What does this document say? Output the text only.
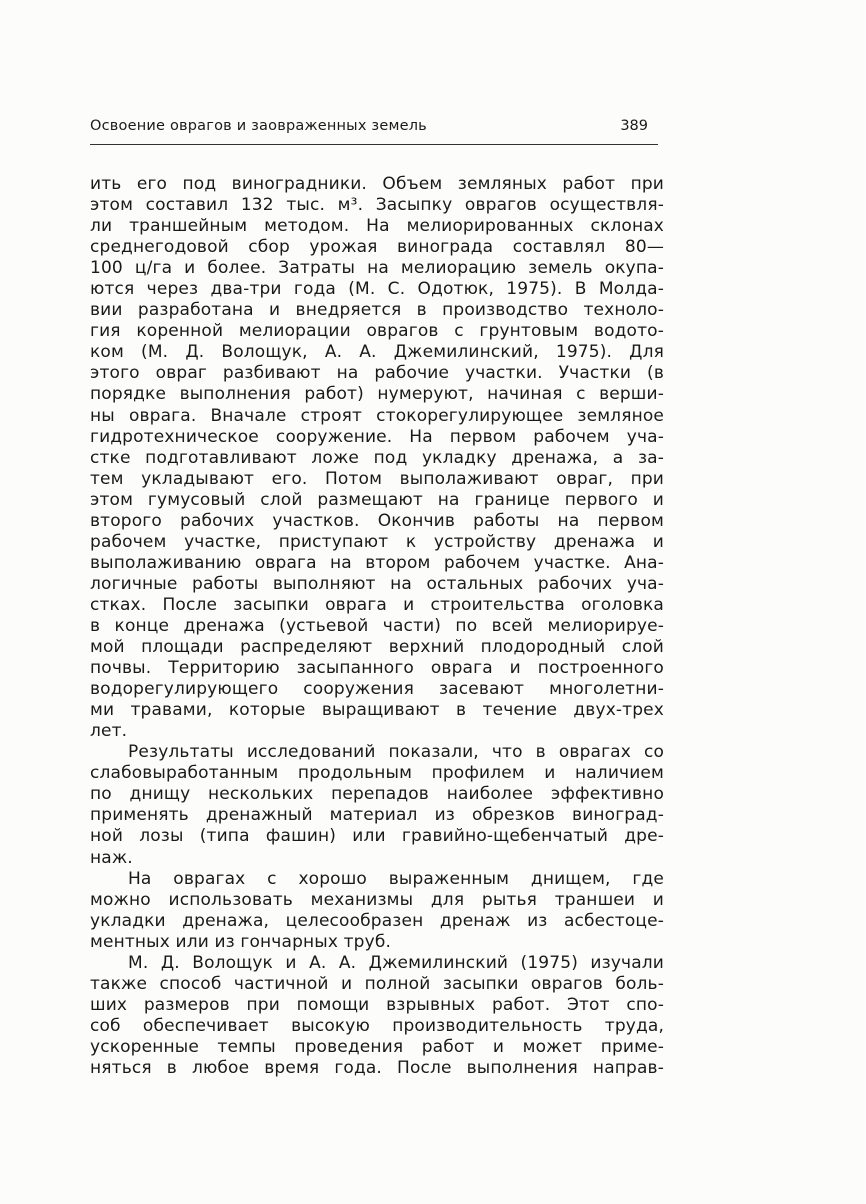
Освоение оврагов и заовраженных земель	389
ить его под виноградники. Объем земляных работ при
этом составил 132 тыс. м³. Засыпку оврагов осуществля-
ли траншейным методом. На мелиорированных склонах
среднегодовой сбор урожая винограда составлял 80—
100 ц/га и более. Затраты на мелиорацию земель окупа-
ются через два-три года (М. С. Одотюк, 1975). В Молда-
вии разработана и внедряется в производство техноло-
гия коренной мелиорации оврагов с грунтовым водото-
ком (М. Д. Волощук, А. А. Джемилинский, 1975). Для
этого овраг разбивают на рабочие участки. Участки (в
порядке выполнения работ) нумеруют, начиная с верши-
ны оврага. Вначале строят стокорегулирующее земляное
гидротехническое сооружение. На первом рабочем уча-
стке подготавливают ложе под укладку дренажа, а за-
тем укладывают его. Потом выполаживают овраг, при
этом гумусовый слой размещают на границе первого и
второго рабочих участков. Окончив работы на первом
рабочем участке, приступают к устройству дренажа и
выполаживанию оврага на втором рабочем участке. Ана-
логичные работы выполняют на остальных рабочих уча-
стках. После засыпки оврага и строительства оголовка
в конце дренажа (устьевой части) по всей мелиорируе-
мой площади распределяют верхний плодородный слой
почвы. Территорию засыпанного оврага и построенного
водорегулирующего сооружения засевают многолетни-
ми травами, которые выращивают в течение двух-трех
лет.
Результаты исследований показали, что в оврагах со
слабовыработанным продольным профилем и наличием
по днищу нескольких перепадов наиболее эффективно
применять дренажный материал из обрезков виноград-
ной лозы (типа фашин) или гравийно-щебенчатый дре-
наж.
На оврагах с хорошо выраженным днищем, где
можно использовать механизмы для рытья траншеи и
укладки дренажа, целесообразен дренаж из асбестоце-
ментных или из гончарных труб.
М. Д. Волощук и А. А. Джемилинский (1975) изучали
также способ частичной и полной засыпки оврагов боль-
ших размеров при помощи взрывных работ. Этот спо-
соб обеспечивает высокую производительность труда,
ускоренные темпы проведения работ и может приме-
няться в любое время года. После выполнения направ-
